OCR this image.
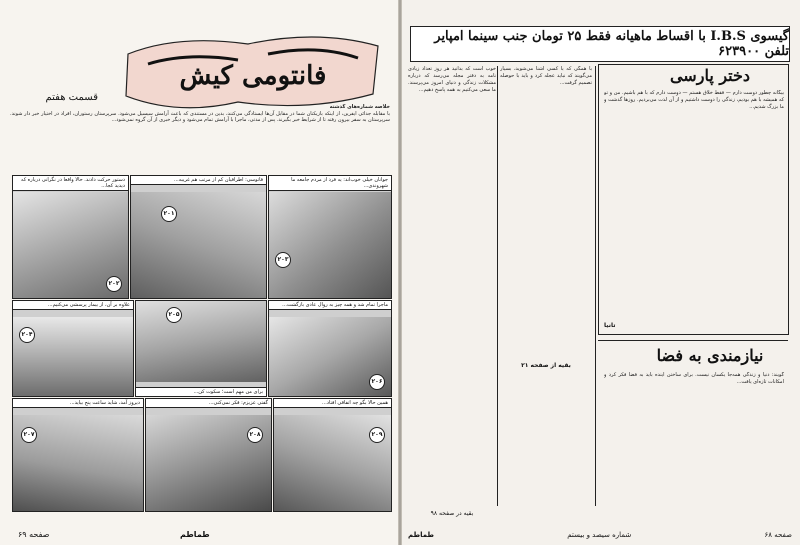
فانتومی کیش
قسمت هفتم

خلاصه شماره‌های گذشته

با مقابله جدائی ایفرین، از اینکه بازیکنان شما در مقابل آن‌ها ایستادگی می‌کنند، بدین در مستندی که باعث آرامش سیسیل می‌شود. سرپرستان رستوران، افراد در اختیار خبر دار شوند. سرپرستان به سفر بیرون رفته تا از شرایط خبر بگیرند. پس از مدتی، ماجرا با آرامش تمام می‌شود و دیگر خبری از آن گروه نمی‌شود...

دستور حرکت دادند. حالا واقعا در نگرانی درباره که دیدید کجا...
۲۰۲
فاتوسی: اطرافیان کم از مرتب هم غریبه...
۲۰۱
جوانان خیلی خوب‌اند: یه فرد از مردم جامعه ما شهروندی...
۲۰۳
علاوه بر آن، از بیمار پرسشی می‌کنیم...
۲۰۴
برای من مهم است؛ سکوت کن...
۲۰۵
ماجرا تمام شد و همه چیز به روال عادی بازگشت...
۲۰۶
دیروز آمد، شاید ساعت پنج بیاید...
۲۰۷
گفتی عزیزم: فکر نمی‌کنی...
۲۰۸
همین حالا بگو چه اتفاقی افتاد...
۲۰۹
صفحه ۶۹	ﻃﻤﺎﻃﻢ
گیسوی I.B.S با اقساط ماهیانه فقط ۲۵ تومان جنب سینما امپایر تلفن ۶۲۳۹۰۰
دختر پارسی
بیگانه چطور دوست دارم — فقط خلاق هستم — دوست دارم که با هم باشیم. من و تو که همیشه با هم بودیم، زندگی را دوست داشتیم و از آن لذت می‌بردیم. روزها گذشت و ما بزرگ شدیم...
تانیا
نیازمندی به فضا
گویند: دنیا و زندگی همه‌جا یکسان نیست. برای ساختن آینده باید به فضا فکر کرد و امکانات تازه‌ای یافت...
با همگی که با کسی آشنا می‌شوید، بسیار می‌گویند که نباید عجله کرد و باید با حوصله تصمیم گرفت...
بقیه از صفحه ۲۱
خوب است که بدانید هر روز تعداد زیادی نامه به دفتر مجله می‌رسد که درباره مشکلات زندگی و دنیای امروز می‌پرسند. ما سعی می‌کنیم به همه پاسخ دهیم...
بقیه در صفحه ۹۸
صفحه ۶۸
شماره سیصد و بیستم
ﻃﻤﺎﻃﻢ
